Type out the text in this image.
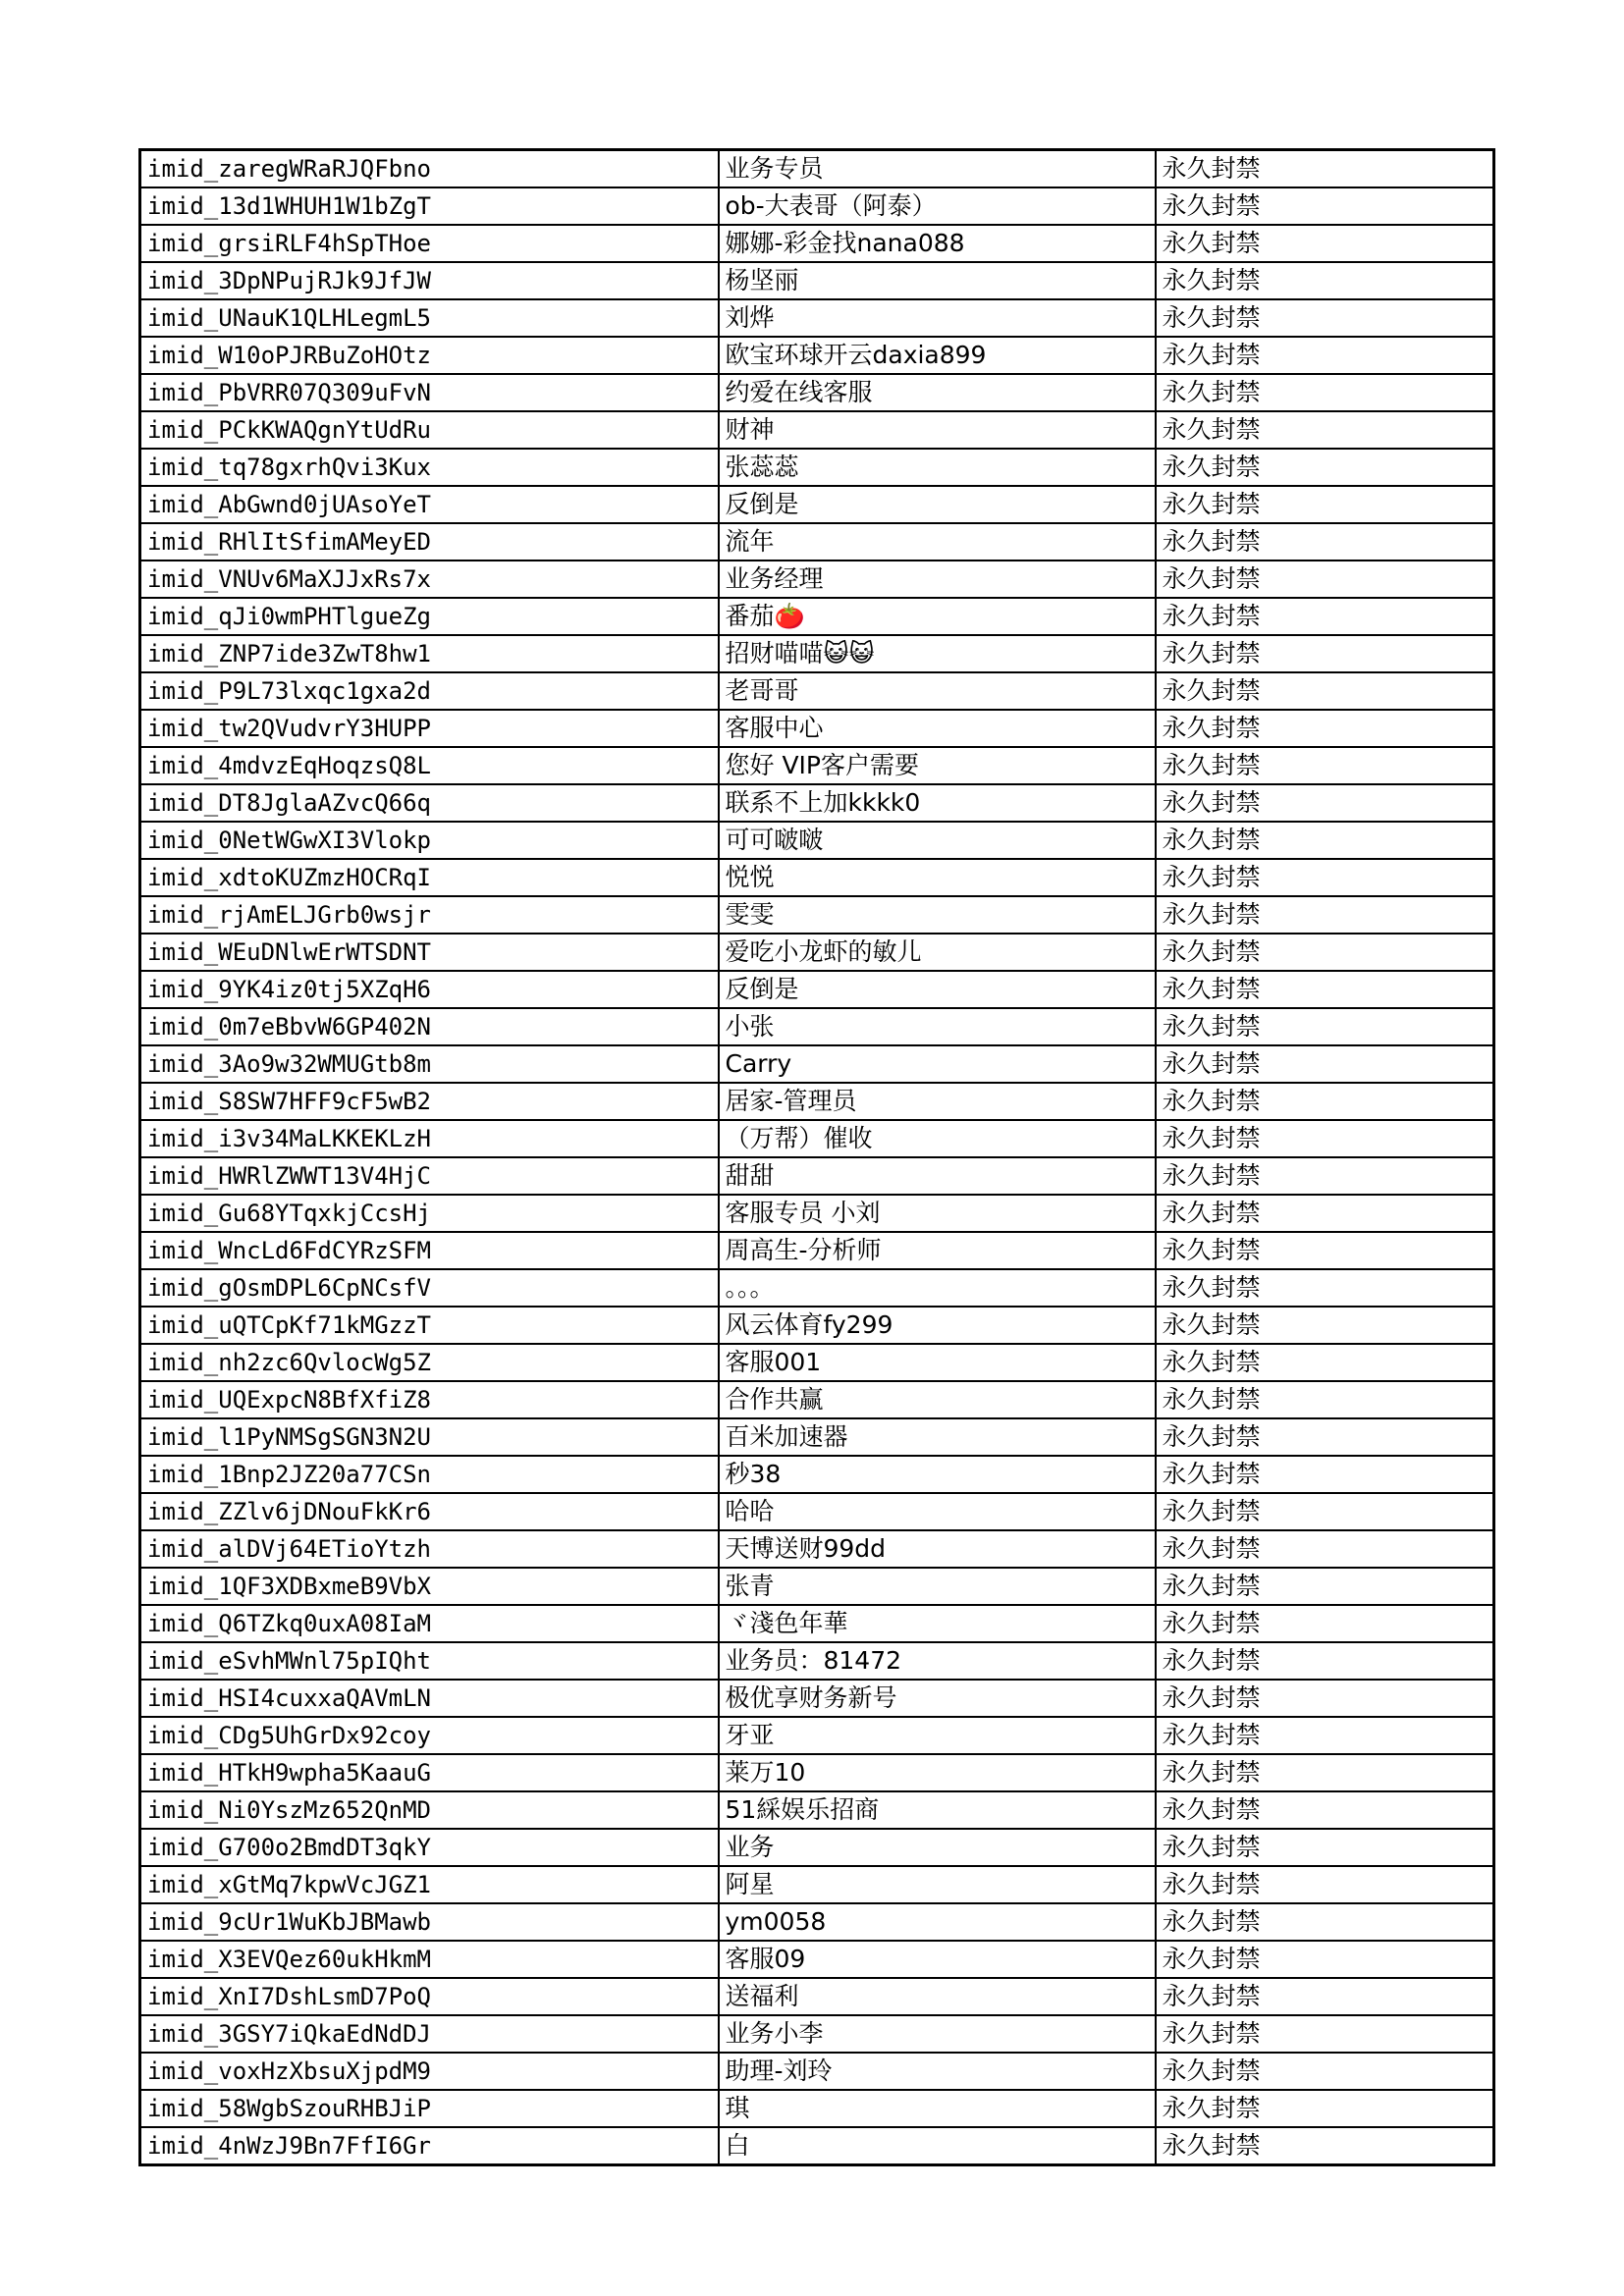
imid_zaregWRaRJQFbno	业务专员	永久封禁
imid_13d1WHUH1W1bZgT	ob-大表哥（阿泰）	永久封禁
imid_grsiRLF4hSpTHoe	娜娜-彩金找nana088	永久封禁
imid_3DpNPujRJk9JfJW	杨坚丽	永久封禁
imid_UNauK1QLHLegmL5	刘烨	永久封禁
imid_W10oPJRBuZoHOtz	欧宝环球开云daxia899	永久封禁
imid_PbVRR07Q309uFvN	约爱在线客服	永久封禁
imid_PCkKWAQgnYtUdRu	财神	永久封禁
imid_tq78gxrhQvi3Kux	张蕊蕊	永久封禁
imid_AbGwnd0jUAsoYeT	反倒是	永久封禁
imid_RHlItSfimAMeyED	流年	永久封禁
imid_VNUv6MaXJJxRs7x	业务经理	永久封禁
imid_qJi0wmPHTlgueZg	番茄🍅	永久封禁
imid_ZNP7ide3ZwT8hw1	招财喵喵😺😺	永久封禁
imid_P9L73lxqc1gxa2d	老哥哥	永久封禁
imid_tw2QVudvrY3HUPP	客服中心	永久封禁
imid_4mdvzEqHoqzsQ8L	您好 VIP客户需要	永久封禁
imid_DT8JglaAZvcQ66q	联系不上加kkkk0	永久封禁
imid_0NetWGwXI3Vlokp	可可啵啵	永久封禁
imid_xdtoKUZmzHOCRqI	悦悦	永久封禁
imid_rjAmELJGrb0wsjr	雯雯	永久封禁
imid_WEuDNlwErWTSDNT	爱吃小龙虾的敏儿	永久封禁
imid_9YK4iz0tj5XZqH6	反倒是	永久封禁
imid_0m7eBbvW6GP402N	小张	永久封禁
imid_3Ao9w32WMUGtb8m	Carry	永久封禁
imid_S8SW7HFF9cF5wB2	居家-管理员	永久封禁
imid_i3v34MaLKKEKLzH	（万帮）催收	永久封禁
imid_HWRlZWWT13V4HjC	甜甜	永久封禁
imid_Gu68YTqxkjCcsHj	客服专员 小刘	永久封禁
imid_WncLd6FdCYRzSFM	周高生-分析师	永久封禁
imid_gOsmDPL6CpNCsfV	。。。	永久封禁
imid_uQTCpKf71kMGzzT	风云体育fy299	永久封禁
imid_nh2zc6QvlocWg5Z	客服001	永久封禁
imid_UQExpcN8BfXfiZ8	合作共赢	永久封禁
imid_l1PyNMSgSGN3N2U	百米加速器	永久封禁
imid_1Bnp2JZ20a77CSn	秒38	永久封禁
imid_ZZlv6jDNouFkKr6	哈哈	永久封禁
imid_alDVj64ETioYtzh	天博送财99dd	永久封禁
imid_1QF3XDBxmeB9VbX	张青	永久封禁
imid_Q6TZkq0uxA08IaM	ヾ淺色年華	永久封禁
imid_eSvhMWnl75pIQht	业务员：81472	永久封禁
imid_HSI4cuxxaQAVmLN	极优享财务新号	永久封禁
imid_CDg5UhGrDx92coy	牙亚	永久封禁
imid_HTkH9wpha5KaauG	莱万10	永久封禁
imid_Ni0YszMz652QnMD	51綵娱乐招商	永久封禁
imid_G700o2BmdDT3qkY	业务	永久封禁
imid_xGtMq7kpwVcJGZ1	阿星	永久封禁
imid_9cUr1WuKbJBMawb	ym0058	永久封禁
imid_X3EVQez60ukHkmM	客服09	永久封禁
imid_XnI7DshLsmD7PoQ	送福利	永久封禁
imid_3GSY7iQkaEdNdDJ	业务小李	永久封禁
imid_voxHzXbsuXjpdM9	助理-刘玲	永久封禁
imid_58WgbSzouRHBJiP	琪	永久封禁
imid_4nWzJ9Bn7FfI6Gr	白	永久封禁
